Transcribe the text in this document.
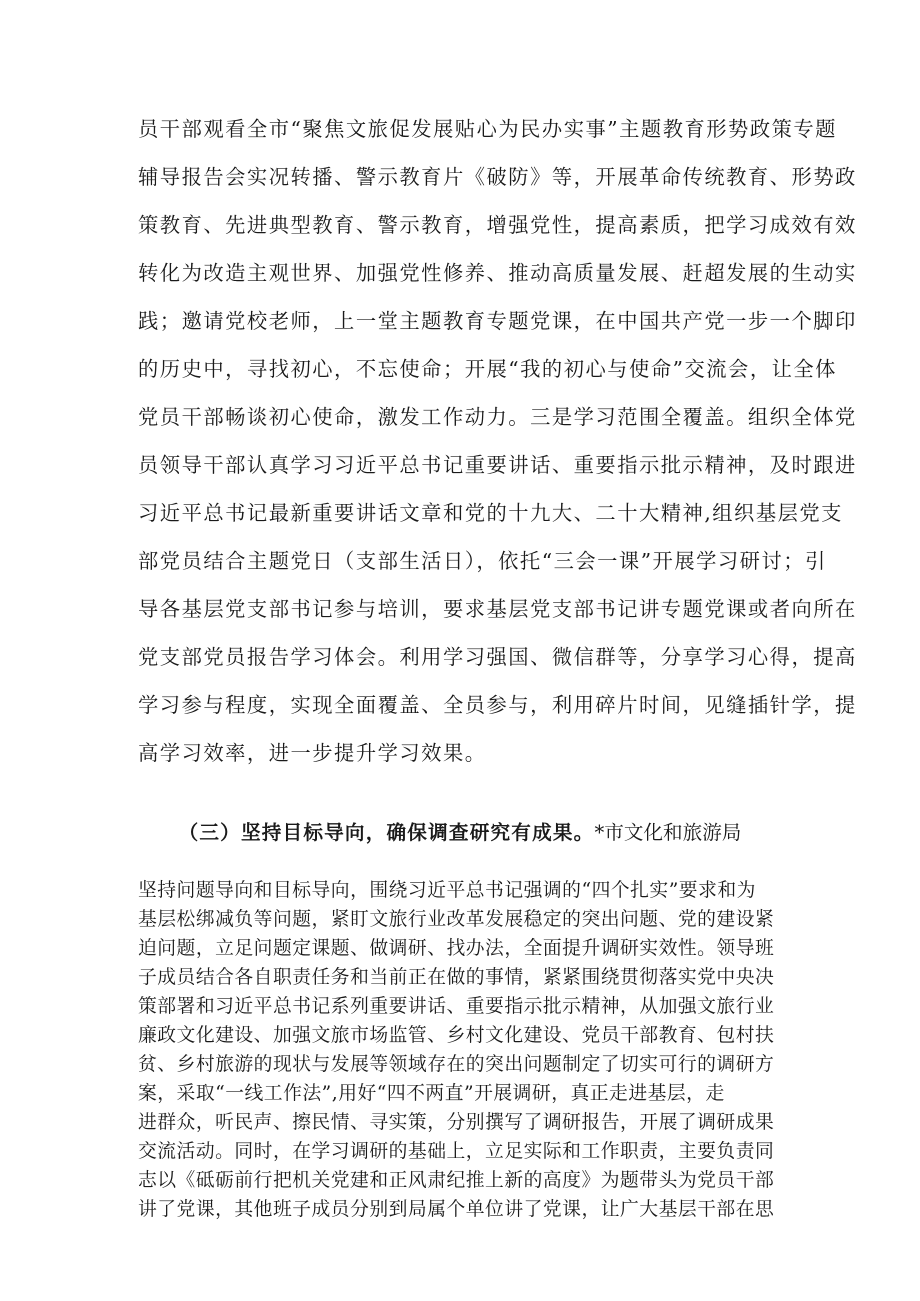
员干部观看全市“聚焦文旅促发展贴心为民办实事”主题教育形势政策专题
辅导报告会实况转播、警示教育片《破防》等，开展革命传统教育、形势政
策教育、先进典型教育、警示教育，增强党性，提高素质，把学习成效有效
转化为改造主观世界、加强党性修养、推动高质量发展、赶超发展的生动实
践；邀请党校老师，上一堂主题教育专题党课，在中国共产党一步一个脚印
的历史中，寻找初心，不忘使命；开展“我的初心与使命”交流会，让全体
党员干部畅谈初心使命，激发工作动力。三是学习范围全覆盖。组织全体党
员领导干部认真学习习近平总书记重要讲话、重要指示批示精神，及时跟进
习近平总书记最新重要讲话文章和党的十九大、二十大精神,组织基层党支
部党员结合主题党日（支部生活日），依托“三会一课”开展学习研讨；引
导各基层党支部书记参与培训，要求基层党支部书记讲专题党课或者向所在
党支部党员报告学习体会。利用学习强国、微信群等，分享学习心得，提高
学习参与程度，实现全面覆盖、全员参与，利用碎片时间，见缝插针学，提
高学习效率，进一步提升学习效果。
（三）坚持目标导向，确保调查研究有成果。*市文化和旅游局
坚持问题导向和目标导向，围绕习近平总书记强调的“四个扎实”要求和为
基层松绑减负等问题，紧盯文旅行业改革发展稳定的突出问题、党的建设紧
迫问题，立足问题定课题、做调研、找办法，全面提升调研实效性。领导班
子成员结合各自职责任务和当前正在做的事情，紧紧围绕贯彻落实党中央决
策部署和习近平总书记系列重要讲话、重要指示批示精神，从加强文旅行业
廉政文化建设、加强文旅市场监管、乡村文化建设、党员干部教育、包村扶
贫、乡村旅游的现状与发展等领域存在的突出问题制定了切实可行的调研方
案，采取“一线工作法”,用好“四不两直”开展调研，真正走进基层，走
进群众，听民声、擦民情、寻实策，分别撰写了调研报告，开展了调研成果
交流活动。同时，在学习调研的基础上，立足实际和工作职责，主要负责同
志以《砥砺前行把机关党建和正风肃纪推上新的高度》为题带头为党员干部
讲了党课，其他班子成员分别到局属个单位讲了党课，让广大基层干部在思
